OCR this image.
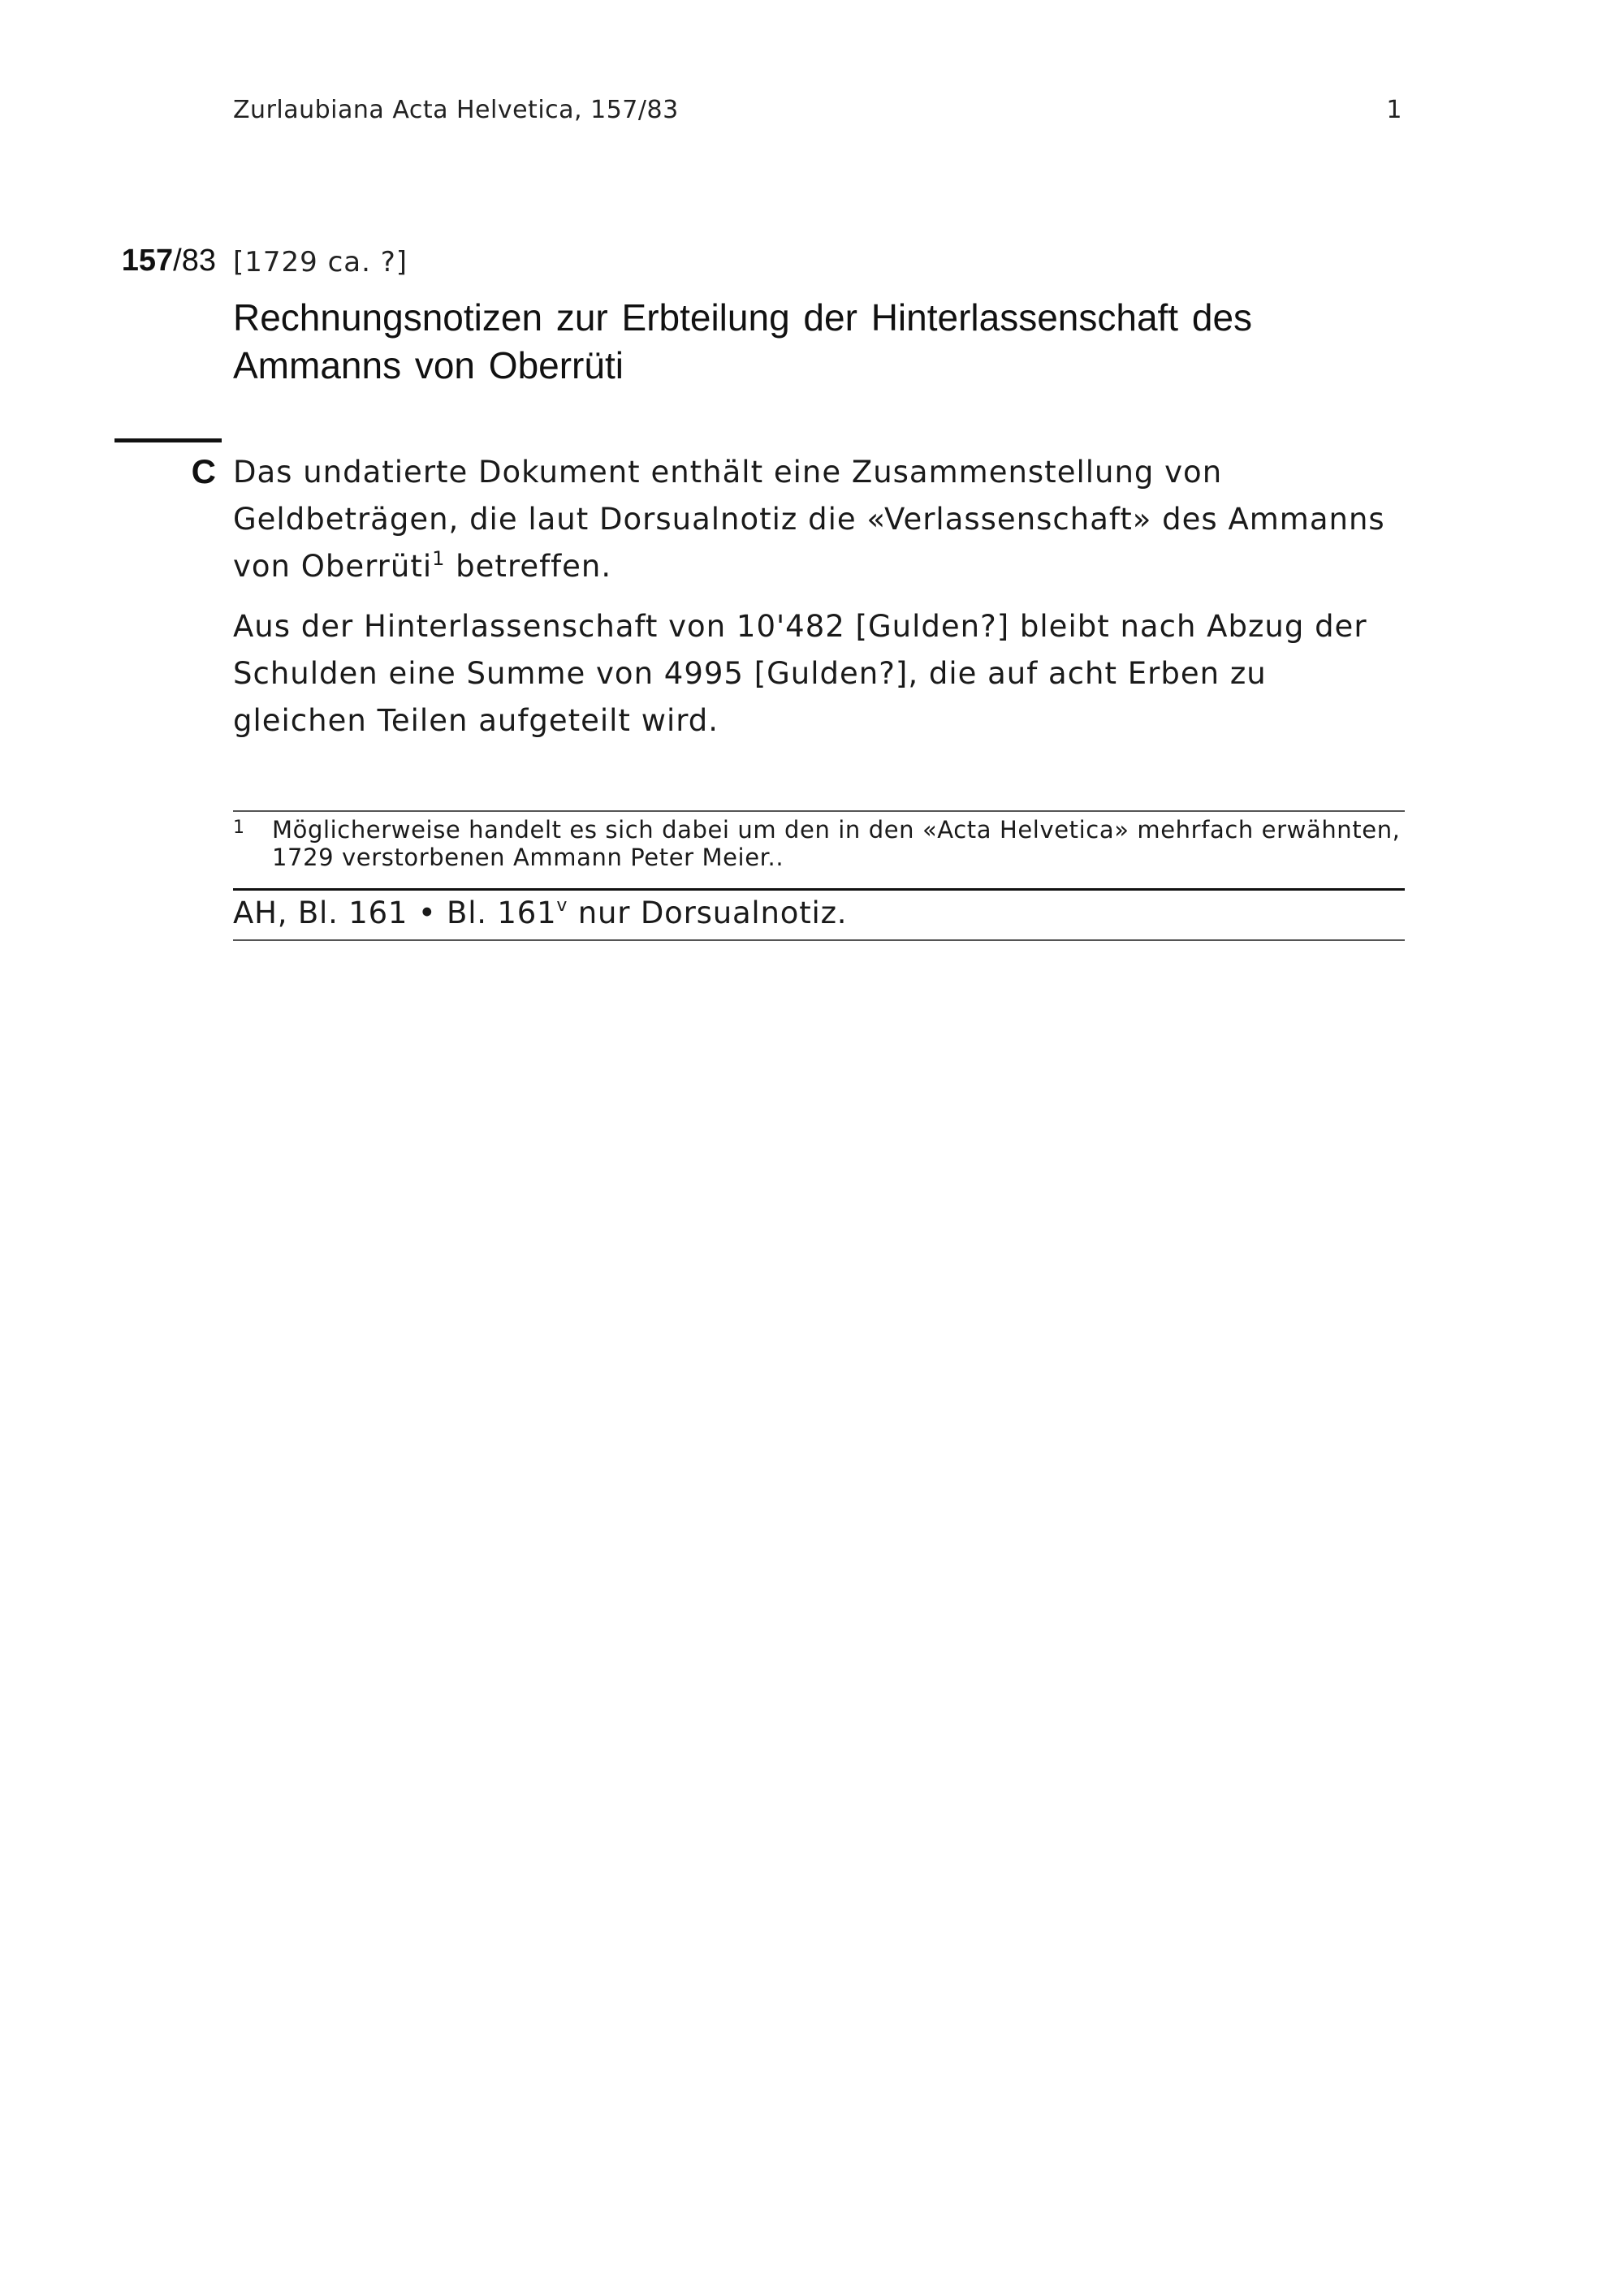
Zurlaubiana Acta Helvetica, 157/83	1
157/83 [1729 ca. ?]
Rechnungsnotizen zur Erbteilung der Hinterlassenschaft des
Ammanns von Oberrüti
C Das undatierte Dokument enthält eine Zusammenstellung von Geldbeträgen, die laut Dorsualnotiz die «Verlassenschaft» des Ammanns von Oberrüti$^1$ betreffen.

Aus der Hinterlassenschaft von 10'482 [Gulden?] bleibt nach Abzug der Schulden eine Summe von 4995 [Gulden?], die auf acht Erben zu gleichen Teilen aufgeteilt wird.

1 Möglicherweise handelt es sich dabei um den in den «Acta Helvetica» mehrfach erwähnten, 1729 verstorbenen Ammann Peter Meier..
AH, Bl. 161 • Bl. 161$^v$ nur Dorsualnotiz.
